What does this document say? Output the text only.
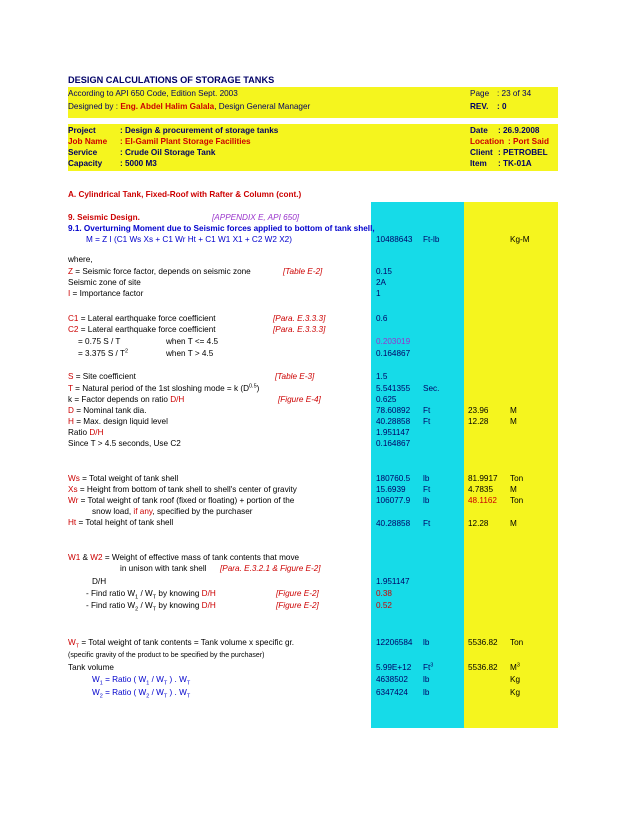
DESIGN CALCULATIONS OF STORAGE TANKS
According to API 650 Code, Edition Sept. 2003
Designed by : Eng. Abdel Halim Galala, Design General Manager
Page : 23 of 34
REV. : 0
Project	: Design & procurement of storage tanks	Date : 26.9.2008
Job Name : El-Gamil Plant Storage Facilities	Location : Port Said
Service	: Crude Oil Storage Tank	Client : PETROBEL
Capacity : 5000 M3	Item : TK-01A
A. Cylindrical Tank, Fixed-Roof with Rafter & Column (cont.)
9. Seismic Design.	[APPENDIX E, API 650]
9.1. Overturning Moment due to Seismic forces applied to bottom of tank shell,
M = Z I (C1 Ws Xs + C1 Wr Ht + C1 W1 X1 + C2 W2 X2)	10488643 Ft-lb	Kg-M
where,
Z = Seismic force factor, depends on seismic zone	[Table E-2]	0.15
Seismic zone of site	2A
I = Importance factor	1
C1 = Lateral earthquake force coefficient	[Para. E.3.3.3]	0.6
C2 = Lateral earthquake force coefficient	[Para. E.3.3.3]
= 0.75 S / T	when T <= 4.5	0.203019
= 3.375 S / $T^2$	when T > 4.5	0.164867
S = Site coefficient	[Table E-3]	1.5
T = Natural period of the 1st sloshing mode = k $(D^{0.5})$	5.541355 Sec.
k = Factor depends on ratio D/H	[Figure E-4]	0.625
D = Nominal tank dia.	78.60892 Ft	23.96	M
H = Max. design liquid level	40.28858 Ft	12.28	M
Ratio D/H	1.951147
Since T > 4.5 seconds, Use C2	0.164867
Ws = Total weight of tank shell	180760.5 lb	81.9917 Ton
Xs = Height from bottom of tank shell to shell's center of gravity	15.6939 Ft	4.7835 M
Wr = Total weight of tank roof (fixed or floating) + portion of the	106077.9 lb	48.1162 Ton
snow load, if any, specified by the purchaser
Ht = Total height of tank shell	40.28858 Ft	12.28	M
W1 & W2 = Weight of effective mass of tank contents that move
in unison with tank shell [Para. E.3.2.1 & Figure E-2]
D/H	1.951147
- Find ratio $W_1 / W_T$ by knowing D/H	[Figure E-2]	0.38
- Find ratio $W_2 / W_T$ by knowing D/H	[Figure E-2]	0.52
$W_T$ = Total weight of tank contents = Tank volume x specific gr.	12206584 lb	5536.82 Ton
(specific gravity of the product to be specified by the purchaser)
Tank volume	5.99E+12 Ft$^3$	5536.82 $M^3$
$W_1$ = Ratio ( $W_1 / W_T$ ) . $W_T$	4638502 lb	Kg
$W_2$ = Ratio ( $W_2 / W_T$ ) . $W_T$	6347424 lb	Kg
